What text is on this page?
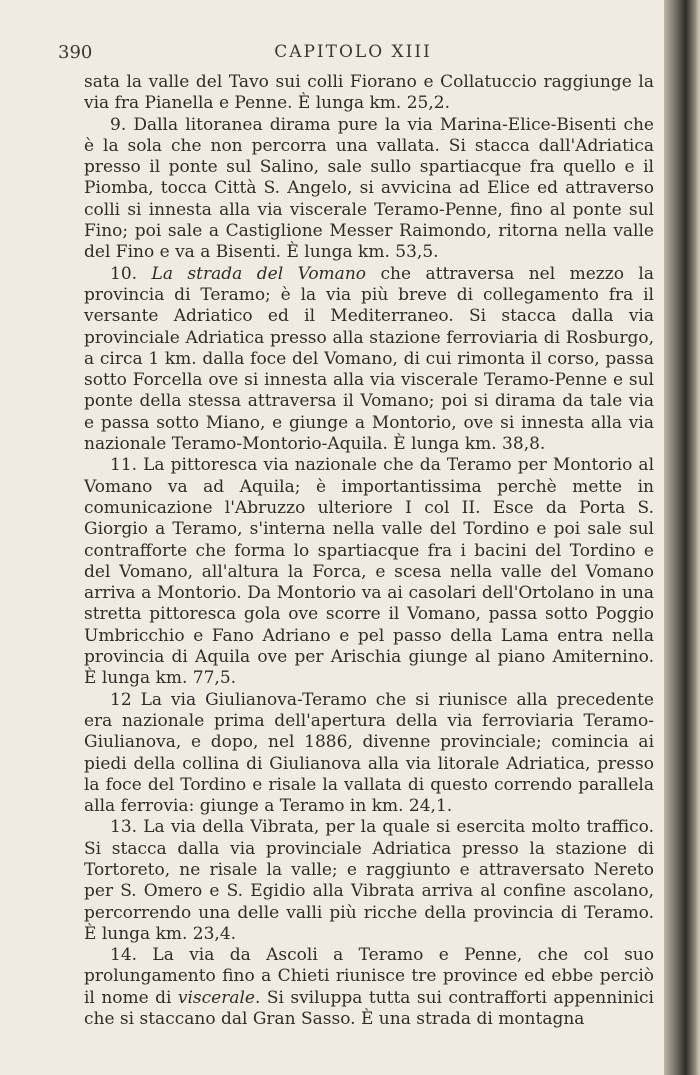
390	CAPITOLO XIII

sata la valle del Tavo sui colli Fiorano e Collatuccio raggiunge la via fra Pianella e Penne. È lunga km. 25,2.

9. Dalla litoranea dirama pure la via Marina-Elice-Bisenti che è la sola che non percorra una vallata. Si stacca dall'Adriatica presso il ponte sul Salino, sale sullo spartiacque fra quello e il Piomba, tocca Città S. Angelo, si avvicina ad Elice ed attraverso colli si innesta alla via viscerale Teramo-Penne, fino al ponte sul Fino; poi sale a Castiglione Messer Raimondo, ritorna nella valle del Fino e va a Bisenti. È lunga km. 53,5.

10. La strada del Vomano che attraversa nel mezzo la provincia di Teramo; è la via più breve di collegamento fra il versante Adriatico ed il Mediterraneo. Si stacca dalla via provinciale Adriatica presso alla stazione ferroviaria di Rosburgo, a circa 1 km. dalla foce del Vomano, di cui rimonta il corso, passa sotto Forcella ove si innesta alla via viscerale Teramo-Penne e sul ponte della stessa attraversa il Vomano; poi si dirama da tale via e passa sotto Miano, e giunge a Montorio, ove si innesta alla via nazionale Teramo-Montorio-Aquila. È lunga km. 38,8.

11. La pittoresca via nazionale che da Teramo per Montorio al Vomano va ad Aquila; è importantissima perchè mette in comunicazione l'Abruzzo ulteriore I col II. Esce da Porta S. Giorgio a Teramo, s'interna nella valle del Tordino e poi sale sul contrafforte che forma lo spartiacque fra i bacini del Tordino e del Vomano, all'altura la Forca, e scesa nella valle del Vomano arriva a Montorio. Da Montorio va ai casolari dell'Ortolano in una stretta pittoresca gola ove scorre il Vomano, passa sotto Poggio Umbricchio e Fano Adriano e pel passo della Lama entra nella provincia di Aquila ove per Arischia giunge al piano Amiternino. È lunga km. 77,5.

12 La via Giulianova-Teramo che si riunisce alla precedente era nazionale prima dell'apertura della via ferroviaria Teramo-Giulianova, e dopo, nel 1886, divenne provinciale; comincia ai piedi della collina di Giulianova alla via litorale Adriatica, presso la foce del Tordino e risale la vallata di questo correndo parallela alla ferrovia: giunge a Teramo in km. 24,1.

13. La via della Vibrata, per la quale si esercita molto traffico. Si stacca dalla via provinciale Adriatica presso la stazione di Tortoreto, ne risale la valle; e raggiunto e attraversato Nereto per S. Omero e S. Egidio alla Vibrata arriva al confine ascolano, percorrendo una delle valli più ricche della provincia di Teramo. È lunga km. 23,4.

14. La via da Ascoli a Teramo e Penne, che col suo prolungamento fino a Chieti riunisce tre province ed ebbe perciò il nome di viscerale. Si sviluppa tutta sui contrafforti appenninici che si staccano dal Gran Sasso. È una strada di montagna
